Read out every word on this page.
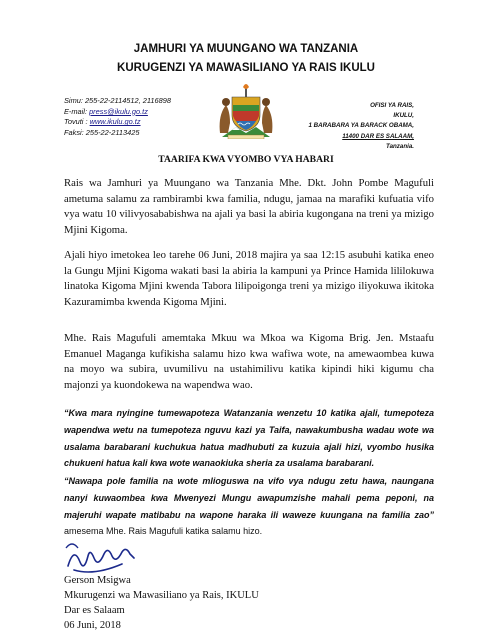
JAMHURI YA MUUNGANO WA TANZANIA
KURUGENZI YA MAWASILIANO YA RAIS IKULU
Simu: 255-22-2114512, 2116898
E-mail: press@ikulu.go.tz
Tovuti : www.ikulu.go.tz
Faksi: 255-22-2113425
OFISI YA RAIS,
IKULU,
1 BARABARA YA BARACK OBAMA,
11400 DAR ES SALAAM,
Tanzania.
TAARIFA KWA VYOMBO VYA HABARI
Rais wa Jamhuri ya Muungano wa Tanzania Mhe. Dkt. John Pombe Magufuli ametuma salamu za rambirambi kwa familia, ndugu, jamaa na marafiki kufuatia vifo vya watu 10 vilivyosababishwa na ajali ya basi la abiria kugongana na treni ya mizigo Mjini Kigoma.
Ajali hiyo imetokea leo tarehe 06 Juni, 2018 majira ya saa 12:15 asubuhi katika eneo la Gungu Mjini Kigoma wakati basi la abiria la kampuni ya Prince Hamida lililokuwa linatoka Kigoma Mjini kwenda Tabora lilipoigonga treni ya mizigo iliyokuwa ikitoka Kazuramimba kwenda Kigoma Mjini.
Mhe. Rais Magufuli amemtaka Mkuu wa Mkoa wa Kigoma Brig. Jen. Mstaafu Emanuel Maganga kufikisha salamu hizo kwa wafiwa wote, na amewaombea kuwa na moyo wa subira, uvumilivu na ustahimilivu katika kipindi hiki kigumu cha majonzi ya kuondokewa na wapendwa wao.
“Kwa mara nyingine tumewapoteza Watanzania wenzetu 10 katika ajali, tumepoteza wapendwa wetu na tumepoteza nguvu kazi ya Taifa, nawakumbusha wadau wote wa usalama barabarani kuchukua hatua madhubuti za kuzuia ajali hizi, vyombo husika chukueni hatua kali kwa wote wanaokiuka sheria za usalama barabarani.
“Nawapa pole familia na wote mlioguswa na vifo vya ndugu zetu hawa, naungana nanyi kuwaombea kwa Mwenyezi Mungu awapumzishe mahali pema peponi, na majeruhi wapate matibabu na wapone haraka ili waweze kuungana na familia zao” amesema Mhe. Rais Magufuli katika salamu hizo.
Gerson Msigwa
Mkurugenzi wa Mawasiliano ya Rais, IKULU
Dar es Salaam
06 Juni, 2018
